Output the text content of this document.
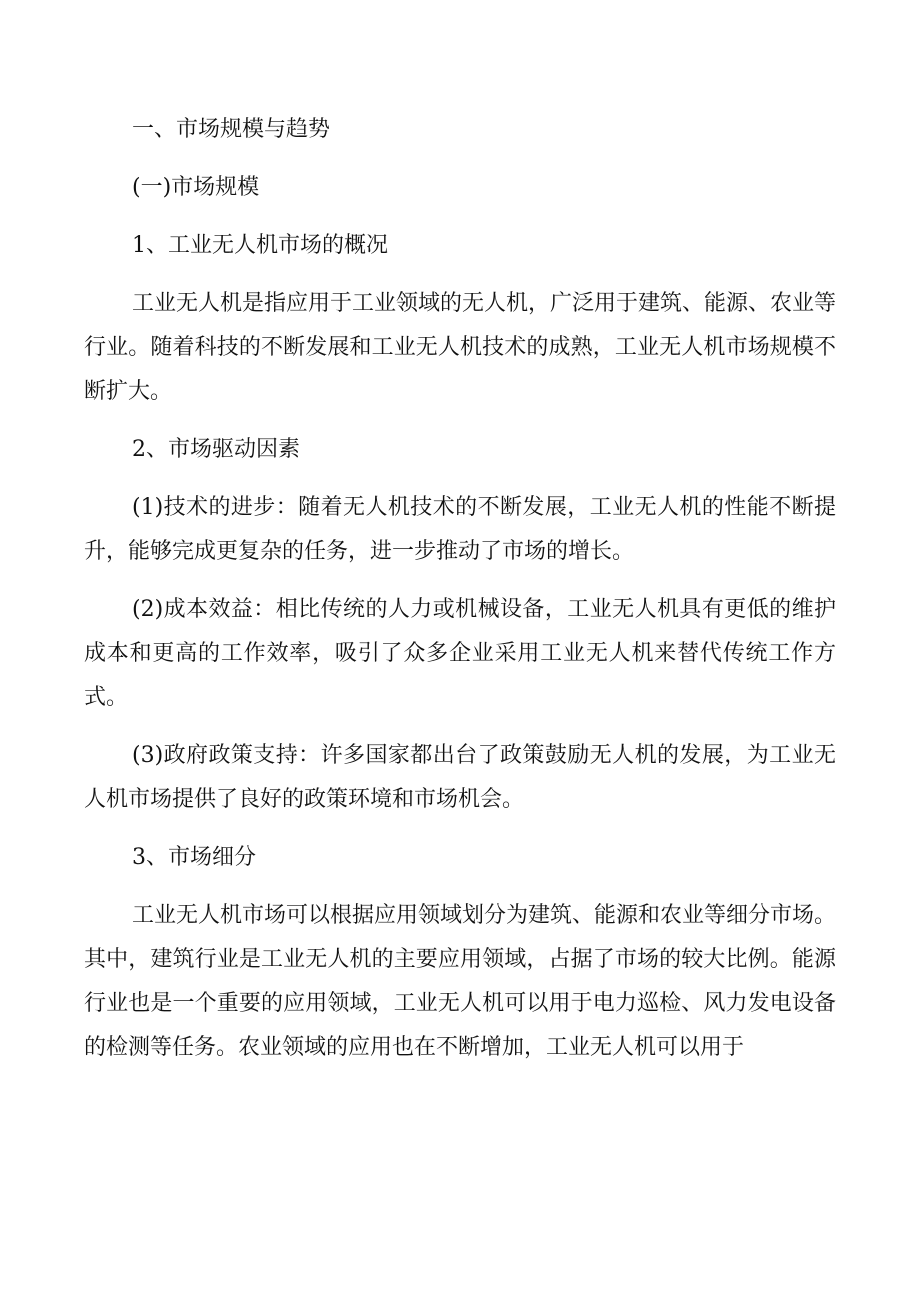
一、市场规模与趋势
(一)市场规模
1、工业无人机市场的概况

工业无人机是指应用于工业领域的无人机，广泛用于建筑、能源、农业等行业。随着科技的不断发展和工业无人机技术的成熟，工业无人机市场规模不断扩大。

2、市场驱动因素

(1)技术的进步：随着无人机技术的不断发展，工业无人机的性能不断提升，能够完成更复杂的任务，进一步推动了市场的增长。

(2)成本效益：相比传统的人力或机械设备，工业无人机具有更低的维护成本和更高的工作效率，吸引了众多企业采用工业无人机来替代传统工作方式。

(3)政府政策支持：许多国家都出台了政策鼓励无人机的发展，为工业无人机市场提供了良好的政策环境和市场机会。

3、市场细分

工业无人机市场可以根据应用领域划分为建筑、能源和农业等细分市场。其中，建筑行业是工业无人机的主要应用领域，占据了市场的较大比例。能源行业也是一个重要的应用领域，工业无人机可以用于电力巡检、风力发电设备的检测等任务。农业领域的应用也在不断增加，工业无人机可以用于
